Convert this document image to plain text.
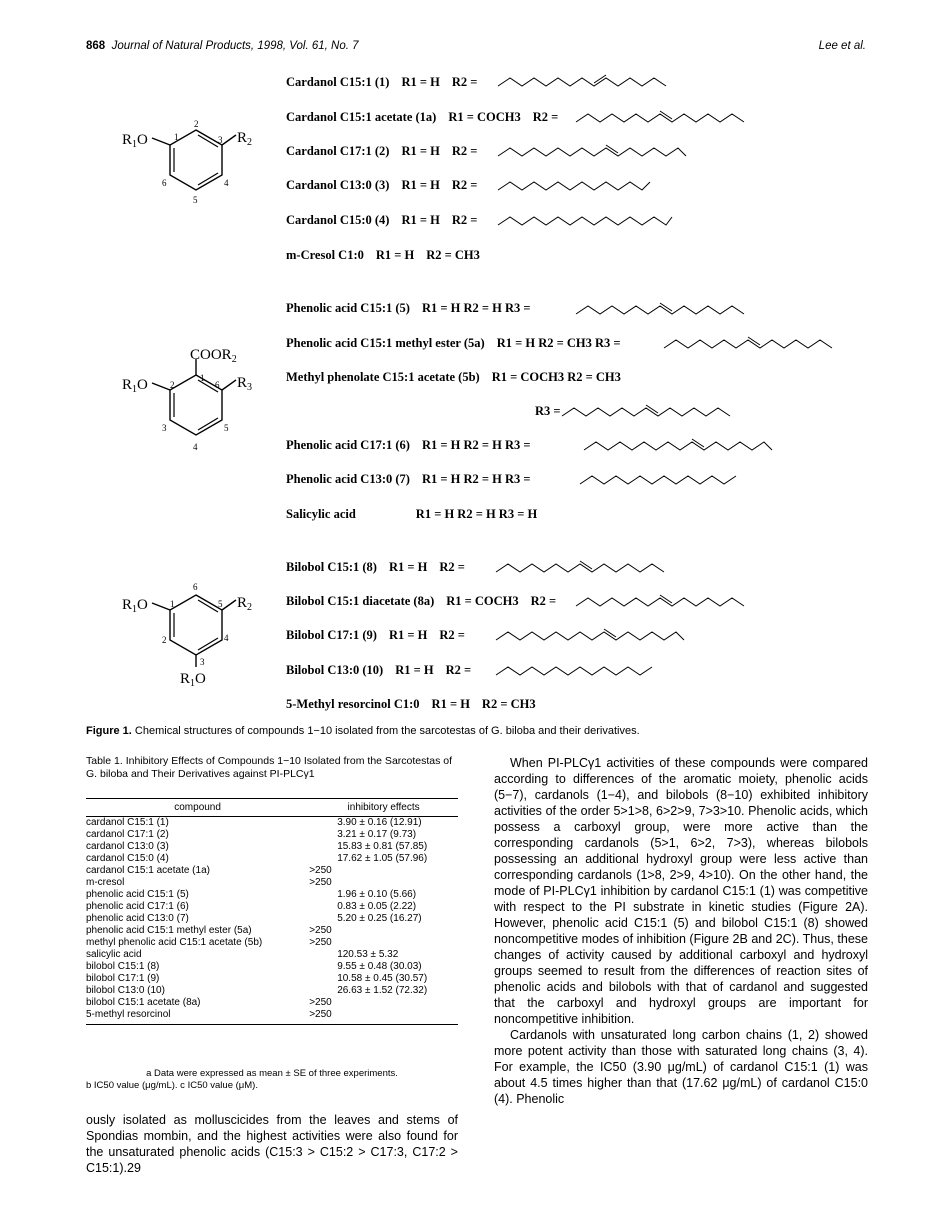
868 Journal of Natural Products, 1998, Vol. 61, No. 7	Lee et al.
$R_1O$	$R_2$
1
2
3
4
5
6
Cardanol C15:1 (1) R1 = H R2 =
Cardanol C15:1 acetate (1a) R1 = COCH3 R2 =
Cardanol C17:1 (2) R1 = H R2 =
Cardanol C13:0 (3) R1 = H R2 =
Cardanol C15:0 (4) R1 = H R2 =
m-Cresol C1:0 R1 = H R2 = CH3
$COOR_2$
$R_1O$	$R_3$
1
2
3
4
5
6
Phenolic acid C15:1 (5) R1 = H R2 = H R3 =
Phenolic acid C15:1 methyl ester (5a) R1 = H R2 = CH3 R3 =
Methyl phenolate C15:1 acetate (5b) R1 = COCH3 R2 = CH3
R3 =
Phenolic acid C17:1 (6) R1 = H R2 = H R3 =
Phenolic acid C13:0 (7) R1 = H R2 = H R3 =
Salicylic acid	R1 = H R2 = H R3 = H
$R_1O$	$R_2$
$R_1O$
1
6
5
4
3
2
Bilobol C15:1 (8) R1 = H R2 =
Bilobol C15:1 diacetate (8a) R1 = COCH3 R2 =
Bilobol C17:1 (9) R1 = H R2 =
Bilobol C13:0 (10) R1 = H R2 =
5-Methyl resorcinol C1:0 R1 = H R2 = CH3
Figure 1. Chemical structures of compounds 1−10 isolated from the sarcotestas of G. biloba and their derivatives.
Table 1. Inhibitory Effects of Compounds 1−10 Isolated from the Sarcotestas of G. biloba and Their Derivatives against PI-PLCγ1
compound	inhibitory effects
cardanol C15:1 (1)	3.90 ± 0.16 (12.91)
cardanol C17:1 (2)	3.21 ± 0.17 (9.73)
cardanol C13:0 (3)	15.83 ± 0.81 (57.85)
cardanol C15:0 (4)	17.62 ± 1.05 (57.96)
cardanol C15:1 acetate (1a)	>250
m-cresol	>250
phenolic acid C15:1 (5)	1.96 ± 0.10 (5.66)
phenolic acid C17:1 (6)	0.83 ± 0.05 (2.22)
phenolic acid C13:0 (7)	5.20 ± 0.25 (16.27)
phenolic acid C15:1 methyl ester (5a)	>250
methyl phenolic acid C15:1 acetate (5b)	>250
salicylic acid	120.53 ± 5.32
bilobol C15:1 (8)	9.55 ± 0.48 (30.03)
bilobol C17:1 (9)	10.58 ± 0.45 (30.57)
bilobol C13:0 (10)	26.63 ± 1.52 (72.32)
bilobol C15:1 acetate (8a)	>250
5-methyl resorcinol	>250
a Data were expressed as mean ± SE of three experiments.
b IC50 value (μg/mL). c IC50 value (μM).
ously isolated as molluscicides from the leaves and stems of Spondias mombin, and the highest activities were also found for the unsaturated phenolic acids (C15:3 > C15:2 > C17:3, C17:2 > C15:1).29

When PI-PLCγ1 activities of these compounds were compared according to differences of the aromatic moiety, phenolic acids (5−7), cardanols (1−4), and bilobols (8−10) exhibited inhibitory activities of the order 5>1>8, 6>2>9, 7>3>10. Phenolic acids, which possess a carboxyl group, were more active than the corresponding cardanols (5>1, 6>2, 7>3), whereas bilobols possessing an additional hydroxyl group were less active than corresponding cardanols (1>8, 2>9, 4>10). On the other hand, the mode of PI-PLCγ1 inhibition by cardanol C15:1 (1) was competitive with respect to the PI substrate in kinetic studies (Figure 2A). However, phenolic acid C15:1 (5) and bilobol C15:1 (8) showed noncompetitive modes of inhibition (Figure 2B and 2C). Thus, these changes of activity caused by additional carboxyl and hydroxyl groups seemed to result from the differences of reaction sites of phenolic acids and bilobols with that of cardanol and suggested that the carboxyl and hydroxyl groups are important for noncompetitive inhibition.

Cardanols with unsaturated long carbon chains (1, 2) showed more potent activity than those with saturated long chains (3, 4). For example, the IC50 (3.90 μg/mL) of cardanol C15:1 (1) was about 4.5 times higher than that (17.62 μg/mL) of cardanol C15:0 (4). Phenolic
